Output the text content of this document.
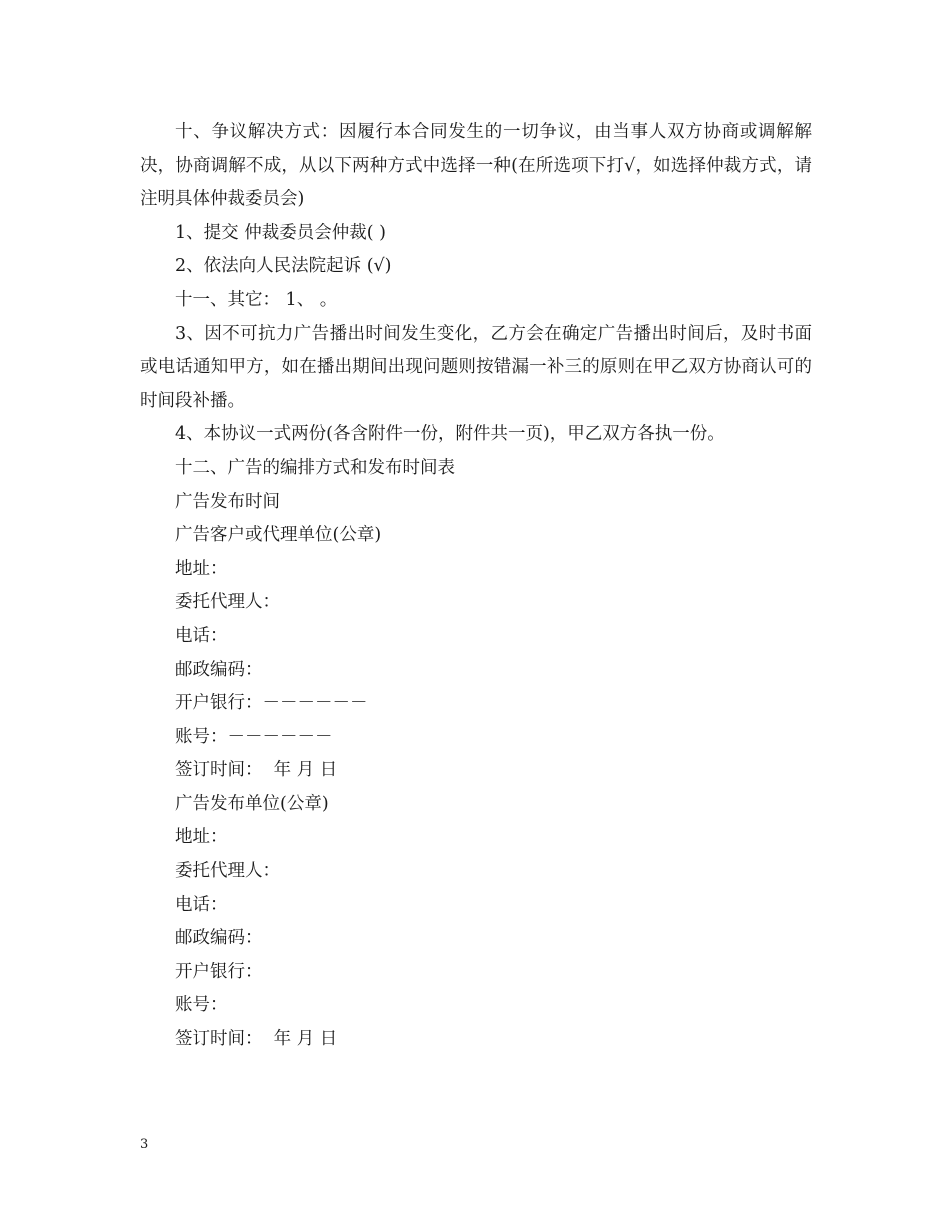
十、争议解决方式：因履行本合同发生的一切争议，由当事人双方协商或调解解决，协商调解不成，从以下两种方式中选择一种(在所选项下打√，如选择仲裁方式，请注明具体仲裁委员会)

1、提交 仲裁委员会仲裁( )

2、依法向人民法院起诉 (√)

十一、其它： 1、 。

3、因不可抗力广告播出时间发生变化，乙方会在确定广告播出时间后，及时书面或电话通知甲方，如在播出期间出现问题则按错漏一补三的原则在甲乙双方协商认可的时间段补播。

4、本协议一式两份(各含附件一份，附件共一页)，甲乙双方各执一份。

十二、广告的编排方式和发布时间表

广告发布时间

广告客户或代理单位(公章)

地址：

委托代理人：

电话：

邮政编码：

开户银行：－－－－－－

账号：－－－－－－

签订时间：  年 月 日

广告发布单位(公章)

地址：

委托代理人：

电话：

邮政编码：

开户银行：

账号：

签订时间：  年 月 日

3
